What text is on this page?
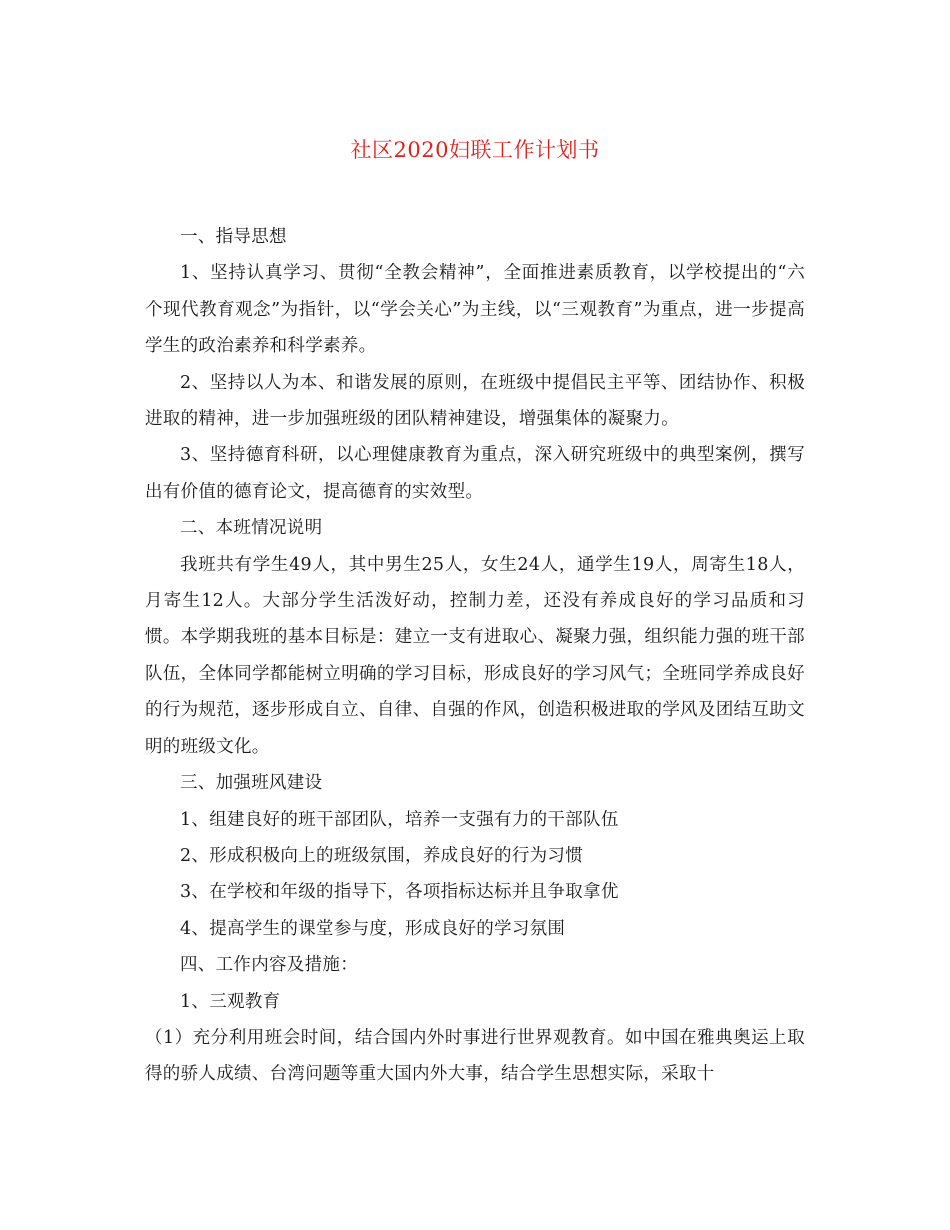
社区2020妇联工作计划书

一、指导思想

1、坚持认真学习、贯彻“全教会精神”，全面推进素质教育，以学校提出的“六个现代教育观念”为指针，以“学会关心”为主线，以“三观教育”为重点，进一步提高学生的政治素养和科学素养。

2、坚持以人为本、和谐发展的原则，在班级中提倡民主平等、团结协作、积极进取的精神，进一步加强班级的团队精神建设，增强集体的凝聚力。

3、坚持德育科研，以心理健康教育为重点，深入研究班级中的典型案例，撰写出有价值的德育论文，提高德育的实效型。

二、本班情况说明

我班共有学生49人，其中男生25人，女生24人，通学生19人，周寄生18人，月寄生12人。大部分学生活泼好动，控制力差，还没有养成良好的学习品质和习惯。本学期我班的基本目标是：建立一支有进取心、凝聚力强，组织能力强的班干部队伍，全体同学都能树立明确的学习目标，形成良好的学习风气；全班同学养成良好的行为规范，逐步形成自立、自律、自强的作风，创造积极进取的学风及团结互助文明的班级文化。

三、加强班风建设

1、组建良好的班干部团队，培养一支强有力的干部队伍

2、形成积极向上的班级氛围，养成良好的行为习惯

3、在学校和年级的指导下，各项指标达标并且争取拿优

4、提高学生的课堂参与度，形成良好的学习氛围

四、工作内容及措施：

1、三观教育

（1）充分利用班会时间，结合国内外时事进行世界观教育。如中国在雅典奥运上取得的骄人成绩、台湾问题等重大国内外大事，结合学生思想实际，采取十
